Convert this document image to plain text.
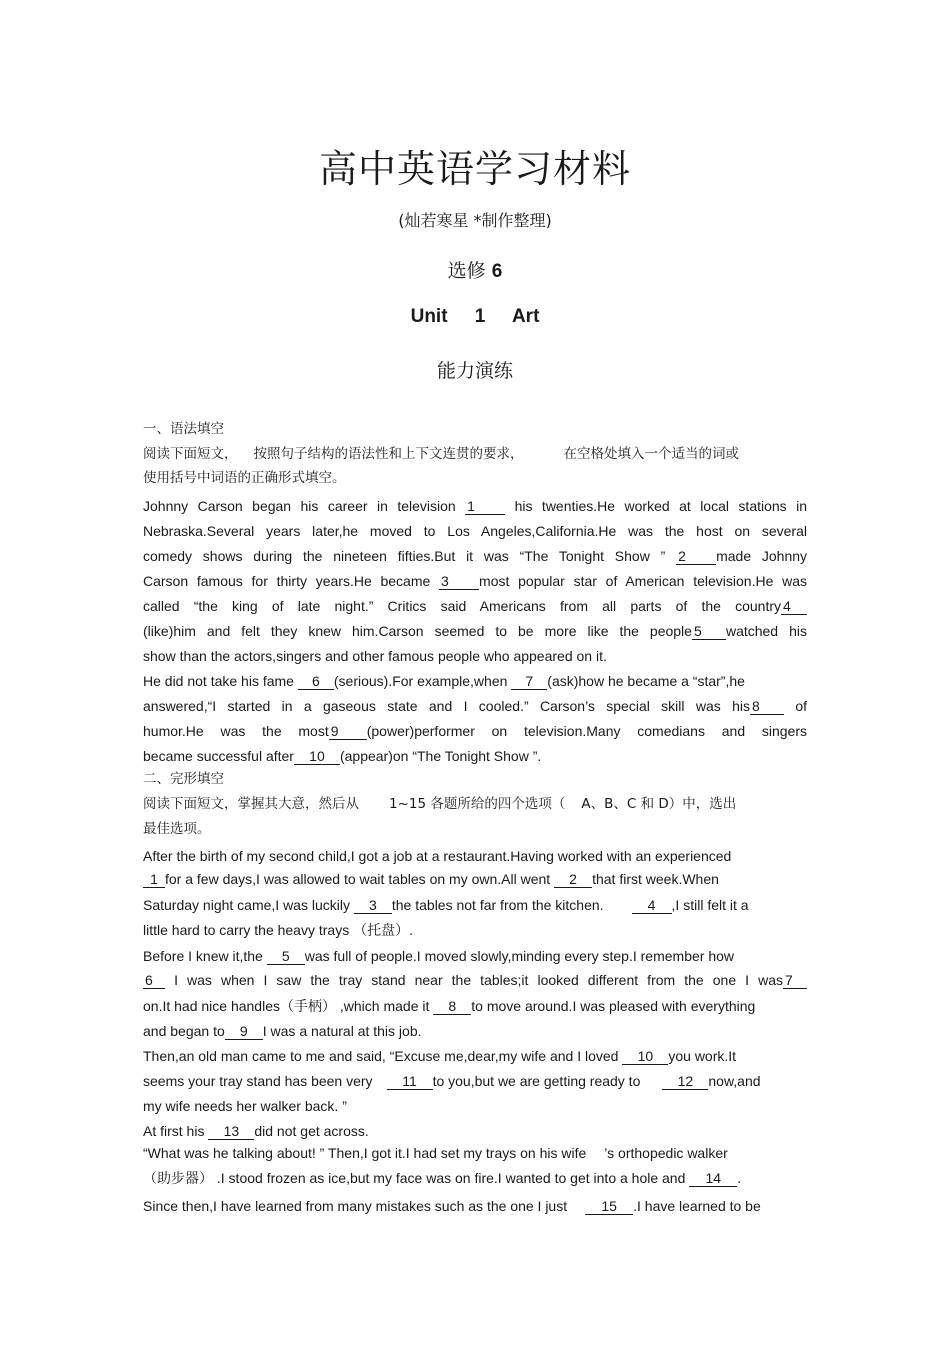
高中英语学习材料
(灿若寒星 *制作整理)
选修 6
Unit 1 Art
能力演练
一、语法填空
阅读下面短文， 按照句子结构的语法性和上下文连贯的要求，	在空格处填入一个适当的词或
使用括号中词语的正确形式填空。
Johnny Carson began his career in television 1	his twenties.He worked at local stations in
Nebraska.Several years later,he moved to Los Angeles,California.He was the host on several
comedy shows during the nineteen fifties.But it was “The Tonight Show ” 2 made Johnny
Carson famous for thirty years.He became 3 most popular star of American television.He was
called “the king of late night.” Critics said Americans from all parts of the country 4
(like)him and felt they knew him.Carson seemed to be more like the people 5 watched his
show than the actors,singers and other famous people who appeared on it.
He did not take his fame 6 (serious).For example,when 7 (ask)how he became a “star”,he
answered,“I started in a gaseous state and I cooled.” Carson’s special skill was his 8	of
humor.He was the most 9 (power)performer on television.Many comedians and singers
became successful after 10 (appear)on “The Tonight Show ”.
二、完形填空
阅读下面短文，掌握其大意，然后从 1~15 各题所给的四个选项（ A、B、C 和 D）中，选出
最佳选项。
After the birth of my second child,I got a job at a restaurant.Having worked with an experienced
1 for a few days,I was allowed to wait tables on my own.All went 2 that first week.When
Saturday night came,I was luckily 3 the tables not far from the kitchen.	4 ,I still felt it a
little hard to carry the heavy trays （托盘）.
Before I knew it,the 5 was full of people.I moved slowly,minding every step.I remember how
6 I was when I saw the tray stand near the tables;it looked different from the one I was 7
on.It had nice handles（手柄） ,which made it 8 to move around.I was pleased with everything
and began to 9 I was a natural at this job.
Then,an old man came to me and said, “Excuse me,dear,my wife and I loved 10 you work.It
seems your tray stand has been very 11 to you,but we are getting ready to	12 now,and
my wife needs her walker back. ”
At first his 13 did not get across.
“What was he talking about! ” Then,I got it.I had set my trays on his wife ’s orthopedic walker
（助步器） .I stood frozen as ice,but my face was on fire.I wanted to get into a hole and 14 .
Since then,I have learned from many mistakes such as the one I just 15 .I have learned to be
